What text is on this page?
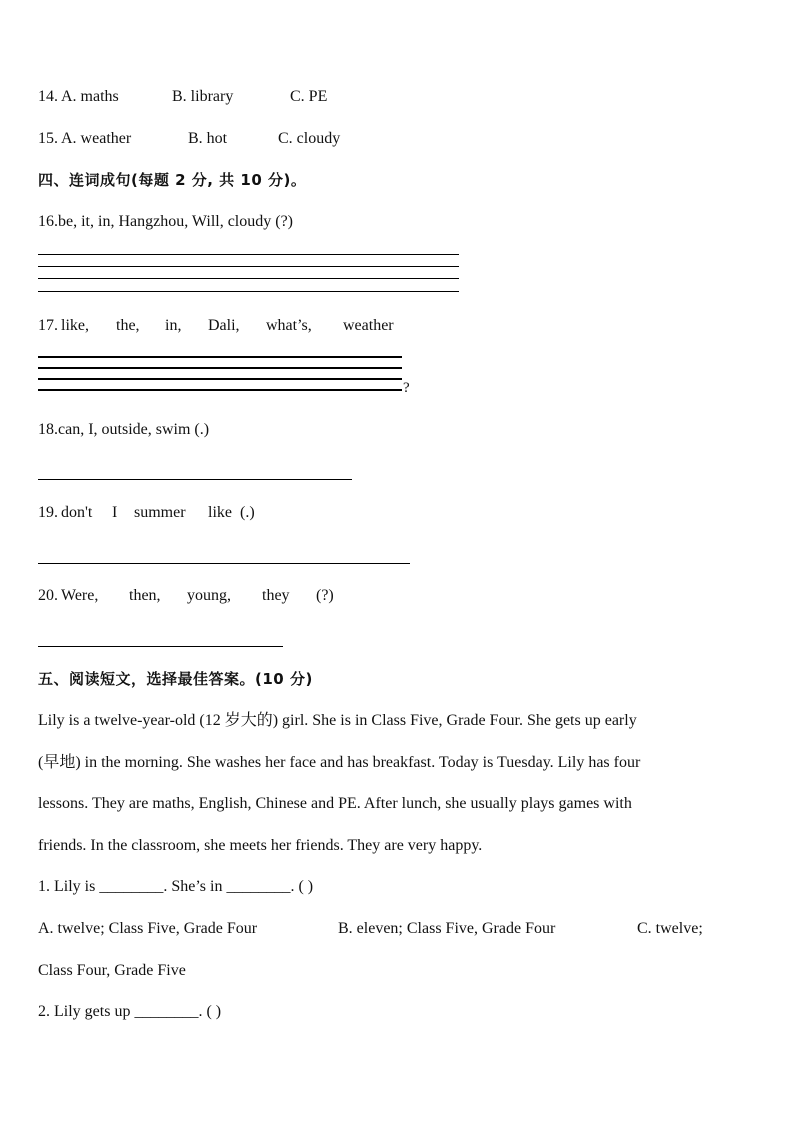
14. A. maths	B. library	C. PE
15. A. weather	B. hot	C. cloudy
四、连词成句(每题 2 分, 共 10 分)。
16.be, it, in, Hangzhou, Will, cloudy (?)
17. like, the, in, Dali, what’s, weather
?
18.can, I, outside, swim (.)
19. don't I summer like (.)
20. Were, then, young, they (?)
五、阅读短文，选择最佳答案。(10 分)
Lily is a twelve-year-old (12 岁大的) girl. She is in Class Five, Grade Four. She gets up early
(早地) in the morning. She washes her face and has breakfast. Today is Tuesday. Lily has four
lessons. They are maths, English, Chinese and PE. After lunch, she usually plays games with
friends. In the classroom, she meets her friends. They are very happy.
1. Lily is ________. She’s in ________. ( )
A. twelve; Class Five, Grade Four	B. eleven; Class Five, Grade Four	C. twelve;
Class Four, Grade Five
2. Lily gets up ________. ( )
